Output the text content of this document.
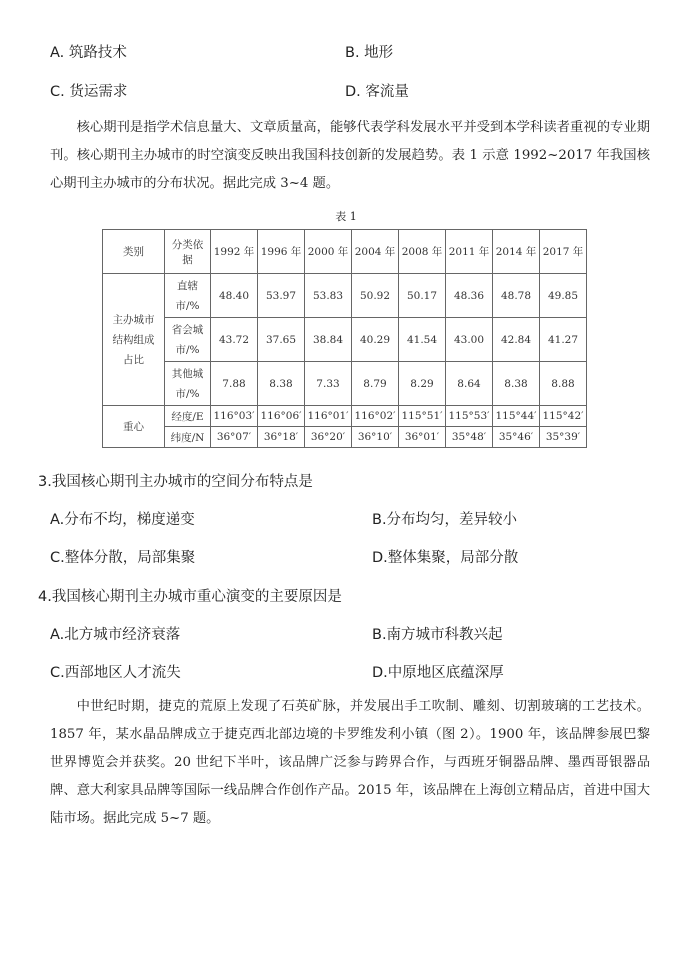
A. 筑路技术	B. 地形
C. 货运需求	D. 客流量

核心期刊是指学术信息量大、文章质量高，能够代表学科发展水平并受到本学科读者重视的专业期刊。核心期刊主办城市的时空演变反映出我国科技创新的发展趋势。表 1 示意 1992~2017 年我国核心期刊主办城市的分布状况。据此完成 3~4 题。

表 1
类别	分类依据	1992 年	1996 年	2000 年	2004 年	2008 年	2011 年	2014 年	2017 年
主办城市结构组成占比	直辖市/%	48.40	53.97	53.83	50.92	50.17	48.36	48.78	49.85
	省会城市/%	43.72	37.65	38.84	40.29	41.54	43.00	42.84	41.27
	其他城市/%	7.88	8.38	7.33	8.79	8.29	8.64	8.38	8.88
重心	经度/E	116°03′	116°06′	116°01′	116°02′	115°51′	115°53′	115°44′	115°42′
	纬度/N	36°07′	36°18′	36°20′	36°10′	36°01′	35°48′	35°46′	35°39′
3.我国核心期刊主办城市的空间分布特点是
A.分布不均，梯度递变	B.分布均匀，差异较小
C.整体分散，局部集聚	D.整体集聚，局部分散
4.我国核心期刊主办城市重心演变的主要原因是
A.北方城市经济衰落	B.南方城市科教兴起
C.西部地区人才流失	D.中原地区底蕴深厚

中世纪时期，捷克的荒原上发现了石英矿脉，并发展出手工吹制、雕刻、切割玻璃的工艺技术。1857 年，某水晶品牌成立于捷克西北部边境的卡罗维发利小镇（图 2）。1900 年，该品牌参展巴黎世界博览会并获奖。20 世纪下半叶，该品牌广泛参与跨界合作，与西班牙铜器品牌、墨西哥银器品牌、意大利家具品牌等国际一线品牌合作创作产品。2015 年，该品牌在上海创立精品店，首进中国大陆市场。据此完成 5~7 题。
